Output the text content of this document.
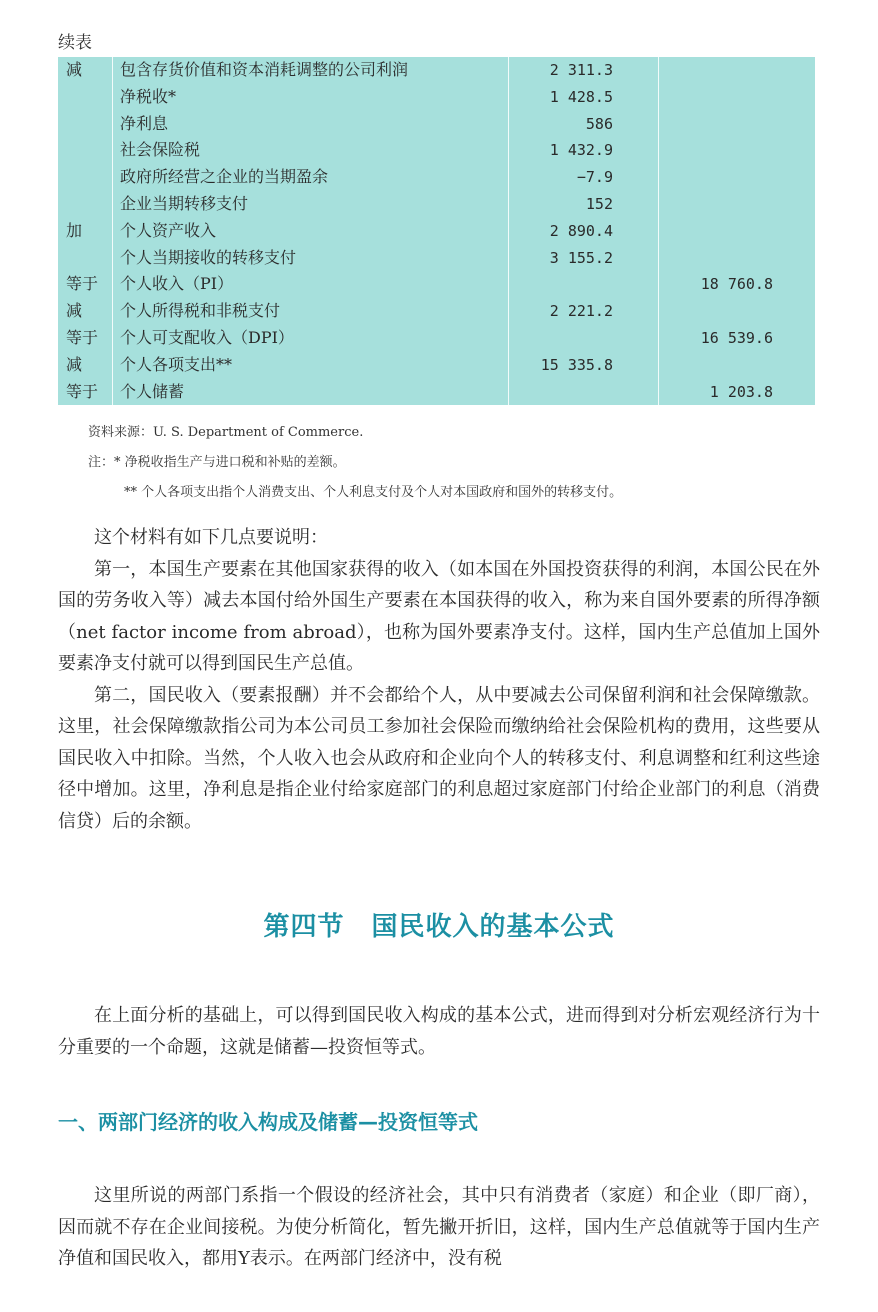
续表
减 包含存货价值和资本消耗调整的公司利润	2 311.3
净税收*	1 428.5
净利息	586
社会保险税	1 432.9
政府所经营之企业的当期盈余	−7.9
企业当期转移支付	152
加 个人资产收入	2 890.4
个人当期接收的转移支付	3 155.2
等于 个人收入（PI）	18 760.8
减 个人所得税和非税支付	2 221.2
等于 个人可支配收入（DPI）	16 539.6
减 个人各项支出**	15 335.8
等于 个人储蓄	1 203.8
资料来源：U. S. Department of Commerce.
注：* 净税收指生产与进口税和补贴的差额。
** 个人各项支出指个人消费支出、个人利息支付及个人对本国政府和国外的转移支付。

这个材料有如下几点要说明：

第一，本国生产要素在其他国家获得的收入（如本国在外国投资获得的利润，本国公民在外国的劳务收入等）减去本国付给外国生产要素在本国获得的收入，称为来自国外要素的所得净额（net factor income from abroad），也称为国外要素净支付。这样，国内生产总值加上国外要素净支付就可以得到国民生产总值。

第二，国民收入（要素报酬）并不会都给个人，从中要减去公司保留利润和社会保障缴款。这里，社会保障缴款指公司为本公司员工参加社会保险而缴纳给社会保险机构的费用，这些要从国民收入中扣除。当然，个人收入也会从政府和企业向个人的转移支付、利息调整和红利这些途径中增加。这里，净利息是指企业付给家庭部门的利息超过家庭部门付给企业部门的利息（消费信贷）后的余额。

第四节　国民收入的基本公式

在上面分析的基础上，可以得到国民收入构成的基本公式，进而得到对分析宏观经济行为十分重要的一个命题，这就是储蓄—投资恒等式。

一、两部门经济的收入构成及储蓄—投资恒等式

这里所说的两部门系指一个假设的经济社会，其中只有消费者（家庭）和企业（即厂商），因而就不存在企业间接税。为使分析简化，暂先撇开折旧，这样，国内生产总值就等于国内生产净值和国民收入，都用Y表示。在两部门经济中，没有税
